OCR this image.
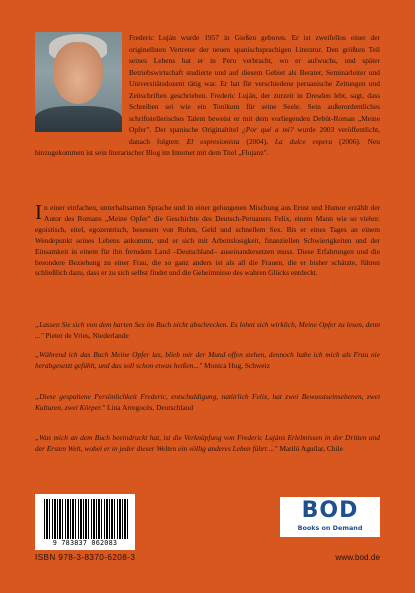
Frederic Luján wurde 1957 in Gießen geboren. Er ist zweifellos einer der originellsten Vertreter der neuen spanischsprachigen Literatur. Den größten Teil seines Lebens hat er in Peru verbracht, wo er aufwuchs, und später Betriebswirtschaft studierte und auf diesem Gebiet als Berater, Seminarleiter und Universitätsdozent tätig war. Er hat für verschiedene peruanische Zeitungen und Zeitschriften geschrieben. Frederic Luján, der zurzeit in Dresden lebt, sagt, dass Schreiben sei wie ein Tonikum für seine Seele. Sein außerordentliches schriftstellerisches Talent beweist er mit dem vorliegenden Debüt-Roman „Meine Opfer". Der spanische Originaltitel ¿Por qué a mí? wurde 2003 veröffentlicht, danach folgten: El expresionista (2004), La dulce espera (2006). Neu hinzugekommen ist sein literarischer Blog im Internet mit dem Titel „Flujanz".

In einer einfachen, unterhaltsamen Sprache und in einer gelungenen Mischung aus Ernst und Humor erzählt der Autor des Romans „Meine Opfer" die Geschichte des Deutsch-Peruaners Felix, einem Mann wie so vielen: egoistisch, eitel, egozentrisch, besessen von Ruhm, Geld und schnellem Sex. Bis er eines Tages an einem Wendepunkt seines Lebens ankommt, und er sich mit Arbeitslosigkeit, finanziellen Schwierigkeiten und der Einsamkeit in einem für ihn fremdem Land –Deutschland– auseinandersetzen muss. Diese Erfahrungen und die besondere Beziehung zu einer Frau, die so ganz anders ist als all die Frauen, die er bisher schätzte, führen schließlich dazu, dass er zu sich selbst findet und die Geheimnisse des wahren Glücks entdeckt.

„Lassen Sie sich von dem harten Sex im Buch nicht abschrecken. Es lohnt sich wirklich, Meine Opfer zu lesen, denn ..." Pieter de Vries, Niederlande

„Während ich das Buch Meine Opfer las, blieb mir der Mund offen stehen, dennoch habe ich mich als Frau nie herabgesetzt gefühlt, und das soll schon etwas heißen..." Monica Hug, Schweiz

„Diese gespaltene Persönlichkeit Frederic, entschuldigung, natürlich Felix, hat zwei Bewusstseinsebenen, zwei Kulturen, zwei Körper." Lina Arregocés, Deutschland

„Was mich an dem Buch beeindruckt hat, ist die Verknüpfung von Frederic Lujáns Erlebnissen in der Dritten und der Ersten Welt, wobei er in jeder dieser Welten ein völlig anderes Leben führt ..." Marilú Aguilar, Chile

9 783837 062083
BOD
Books on Demand
ISBN 978-3-8370-6208-3	www.bod.de
